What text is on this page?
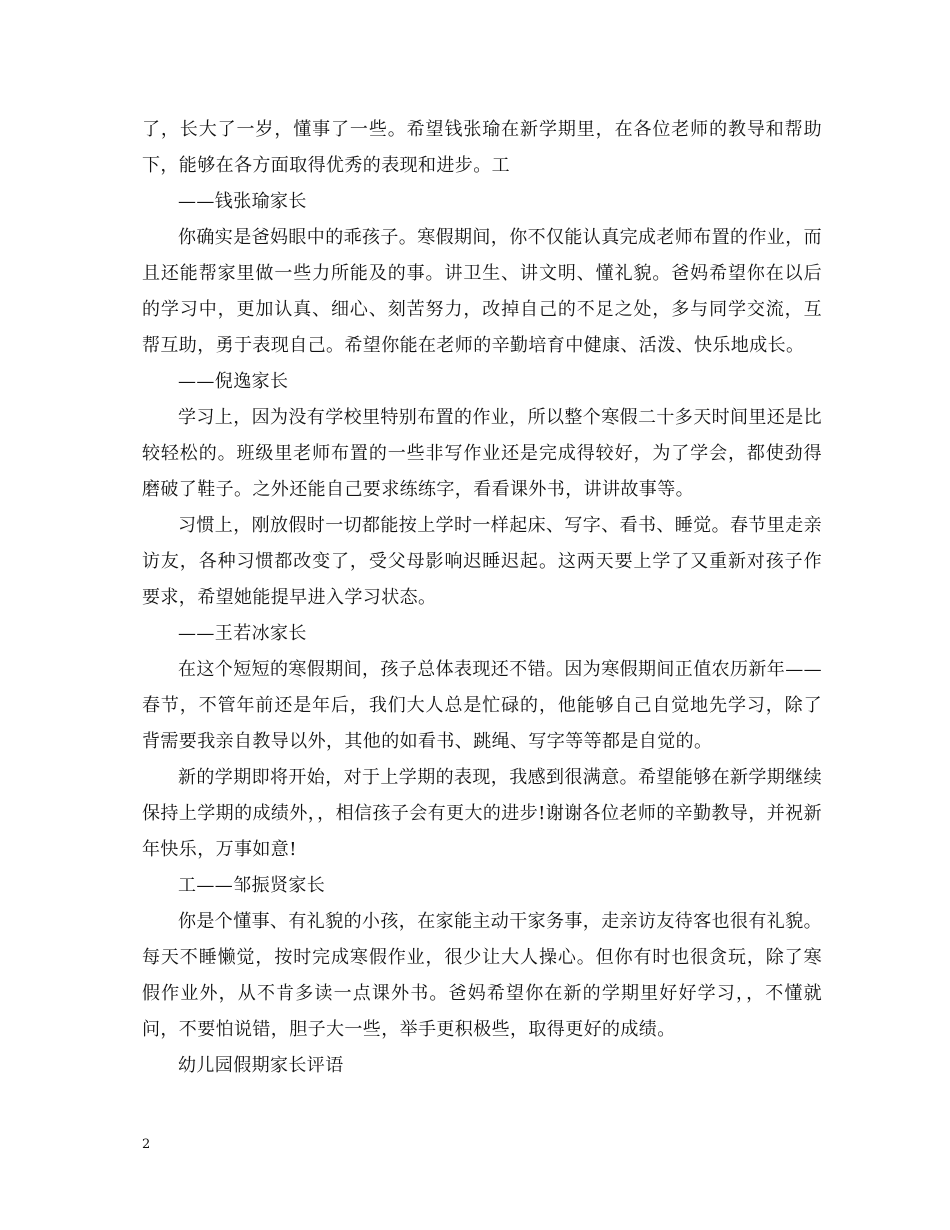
了，长大了一岁，懂事了一些。希望钱张瑜在新学期里，在各位老师的教导和帮助下，能够在各方面取得优秀的表现和进步。工

——钱张瑜家长

你确实是爸妈眼中的乖孩子。寒假期间，你不仅能认真完成老师布置的作业，而且还能帮家里做一些力所能及的事。讲卫生、讲文明、懂礼貌。爸妈希望你在以后的学习中，更加认真、细心、刻苦努力，改掉自己的不足之处，多与同学交流，互帮互助，勇于表现自己。希望你能在老师的辛勤培育中健康、活泼、快乐地成长。

——倪逸家长

学习上，因为没有学校里特别布置的作业，所以整个寒假二十多天时间里还是比较轻松的。班级里老师布置的一些非写作业还是完成得较好，为了学会，都使劲得磨破了鞋子。之外还能自己要求练练字，看看课外书，讲讲故事等。

习惯上，刚放假时一切都能按上学时一样起床、写字、看书、睡觉。春节里走亲访友，各种习惯都改变了，受父母影响迟睡迟起。这两天要上学了又重新对孩子作要求，希望她能提早进入学习状态。

——王若冰家长

在这个短短的寒假期间，孩子总体表现还不错。因为寒假期间正值农历新年——春节，不管年前还是年后，我们大人总是忙碌的，他能够自己自觉地先学习，除了背需要我亲自教导以外，其他的如看书、跳绳、写字等等都是自觉的。

新的学期即将开始，对于上学期的表现，我感到很满意。希望能够在新学期继续保持上学期的成绩外，，相信孩子会有更大的进步!谢谢各位老师的辛勤教导，并祝新年快乐，万事如意!

工——邹振贤家长

你是个懂事、有礼貌的小孩，在家能主动干家务事，走亲访友待客也很有礼貌。每天不睡懒觉，按时完成寒假作业，很少让大人操心。但你有时也很贪玩，除了寒假作业外，从不肯多读一点课外书。爸妈希望你在新的学期里好好学习，，不懂就问，不要怕说错，胆子大一些，举手更积极些，取得更好的成绩。

幼儿园假期家长评语

2
